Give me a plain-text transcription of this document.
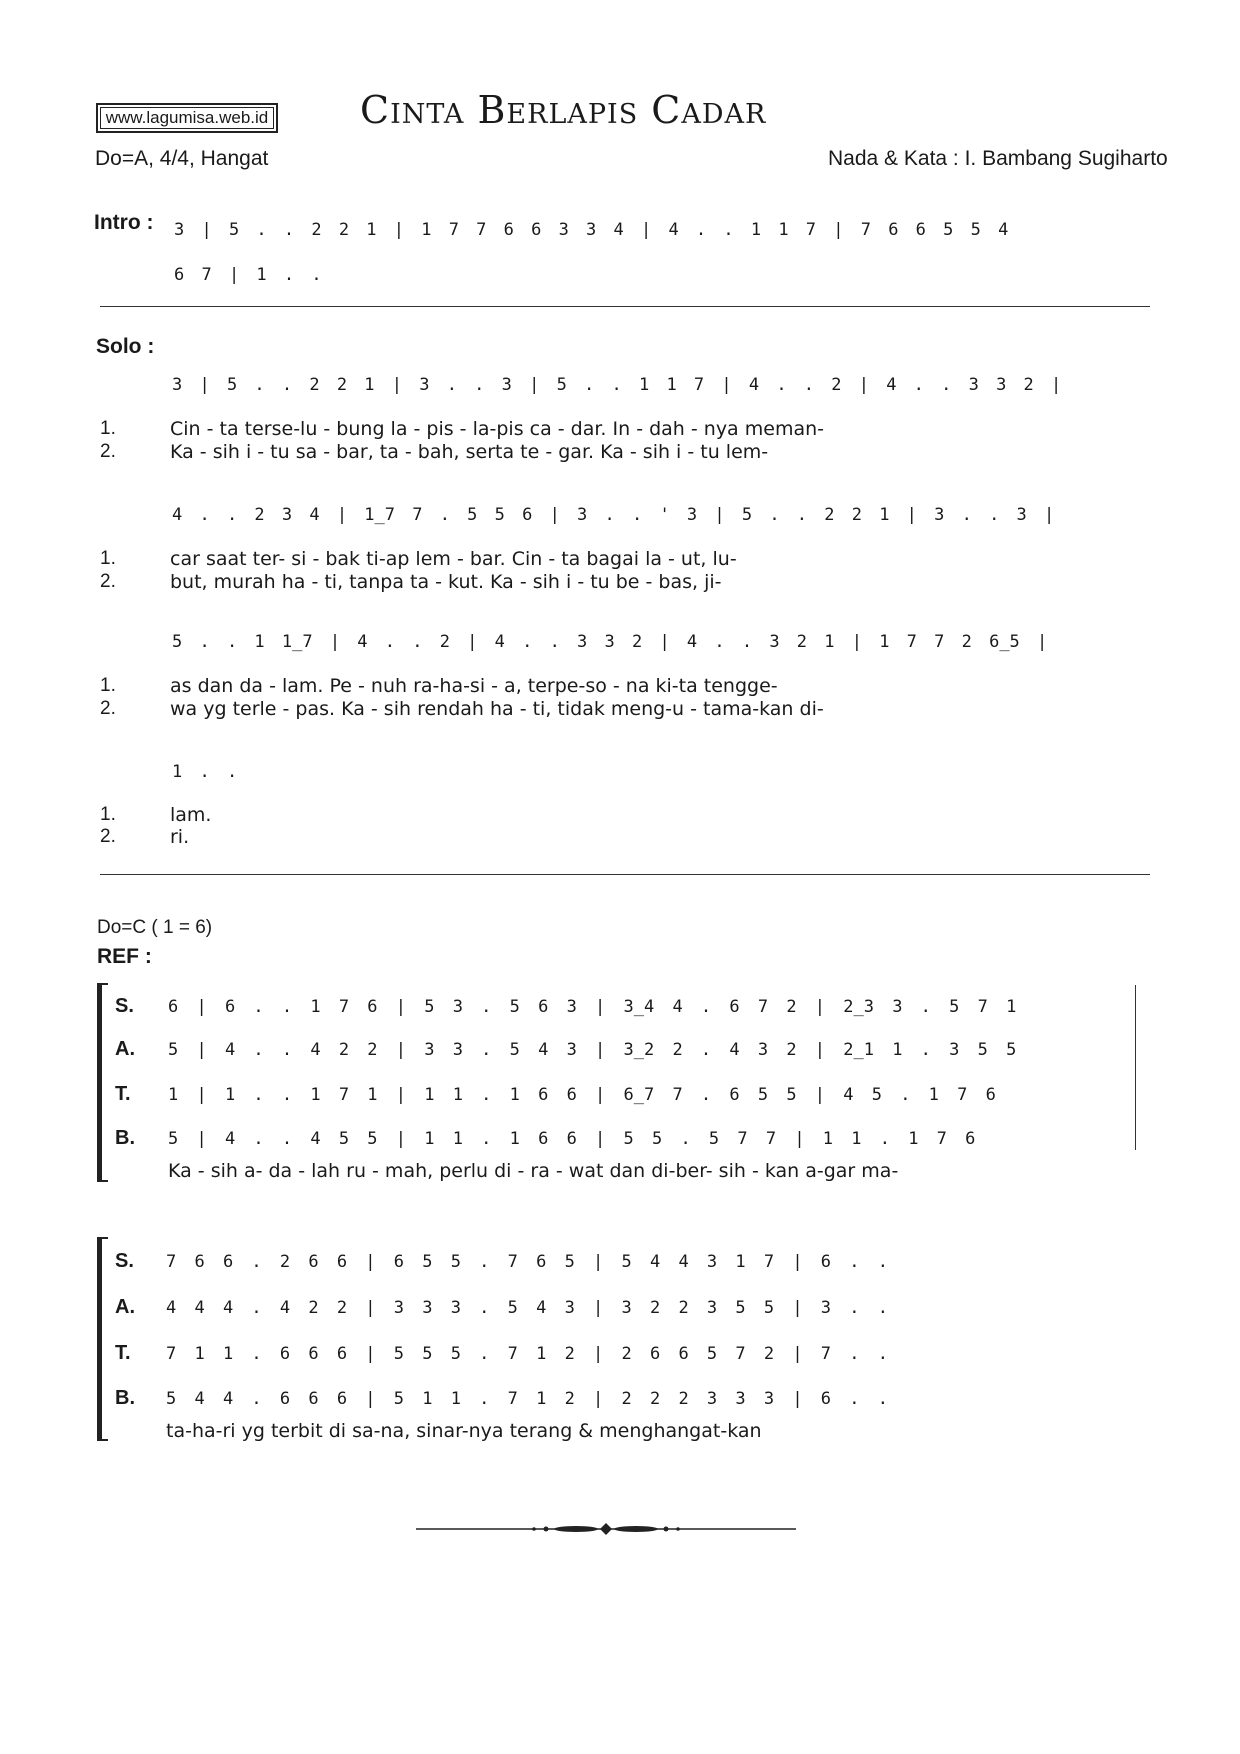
www.lagumisa.web.id Cinta Berlapis Cadar
Do=A, 4/4, Hangat	Nada & Kata : I. Bambang Sugiharto
Intro : 3 | 5 . . 2 2 1 | 1 7 7 6 6 3 3 4 | 4 . . 1 1 7 | 7 6 6 5 5 4
6 7 | 1 . .
Solo :
3 | 5 . . 2 2 1 | 3 . . 3 | 5 . . 1 1 7 | 4 . . 2 | 4 . . 3 3 2 |
1.
2.
Cin - ta terse-lu - bung la - pis - la-pis ca - dar. In - dah - nya meman-
Ka - sih i - tu sa - bar, ta - bah, serta te - gar. Ka - sih i - tu lem-
4 . . 2 3 4 | 1_7 7 . 5 5 6 | 3 . . ' 3 | 5 . . 2 2 1 | 3 . . 3 |
1.
2.
car saat ter- si - bak ti-ap lem - bar. Cin - ta bagai la - ut, lu-
but, murah ha - ti, tanpa ta - kut. Ka - sih i - tu be - bas, ji-
5 . . 1 1_7 | 4 . . 2 | 4 . . 3 3 2 | 4 . . 3 2 1 | 1 7 7 2 6_5 |
1.
2.
as dan da - lam. Pe - nuh ra-ha-si - a, terpe-so - na ki-ta tengge-
wa yg terle - pas. Ka - sih rendah ha - ti, tidak meng-u - tama-kan di-
1 . .
1.
2.
lam.
ri.
Do=C ( 1 = 6)
REF :
S.
A.
T.
B.
6 | 6 . . 1 7 6 | 5 3 . 5 6 3 | 3_4 4 . 6 7 2 | 2_3 3 . 5 7 1
5 | 4 . . 4 2 2 | 3 3 . 5 4 3 | 3_2 2 . 4 3 2 | 2_1 1 . 3 5 5
1 | 1 . . 1 7 1 | 1 1 . 1 6 6 | 6_7 7 . 6 5 5 | 4 5 . 1 7 6
5 | 4 . . 4 5 5 | 1 1 . 1 6 6 | 5 5 . 5 7 7 | 1 1 . 1 7 6
Ka - sih a- da - lah ru - mah, perlu di - ra - wat dan di-ber- sih - kan a-gar ma-
S.
A.
T.
B.
7 6 6 . 2 6 6 | 6 5 5 . 7 6 5 | 5 4 4 3 1 7 | 6 . .
4 4 4 . 4 2 2 | 3 3 3 . 5 4 3 | 3 2 2 3 5 5 | 3 . .
7 1 1 . 6 6 6 | 5 5 5 . 7 1 2 | 2 6 6 5 7 2 | 7 . .
5 4 4 . 6 6 6 | 5 1 1 . 7 1 2 | 2 2 2 3 3 3 | 6 . .
ta-ha-ri yg terbit di sa-na, sinar-nya terang & menghangat-kan
